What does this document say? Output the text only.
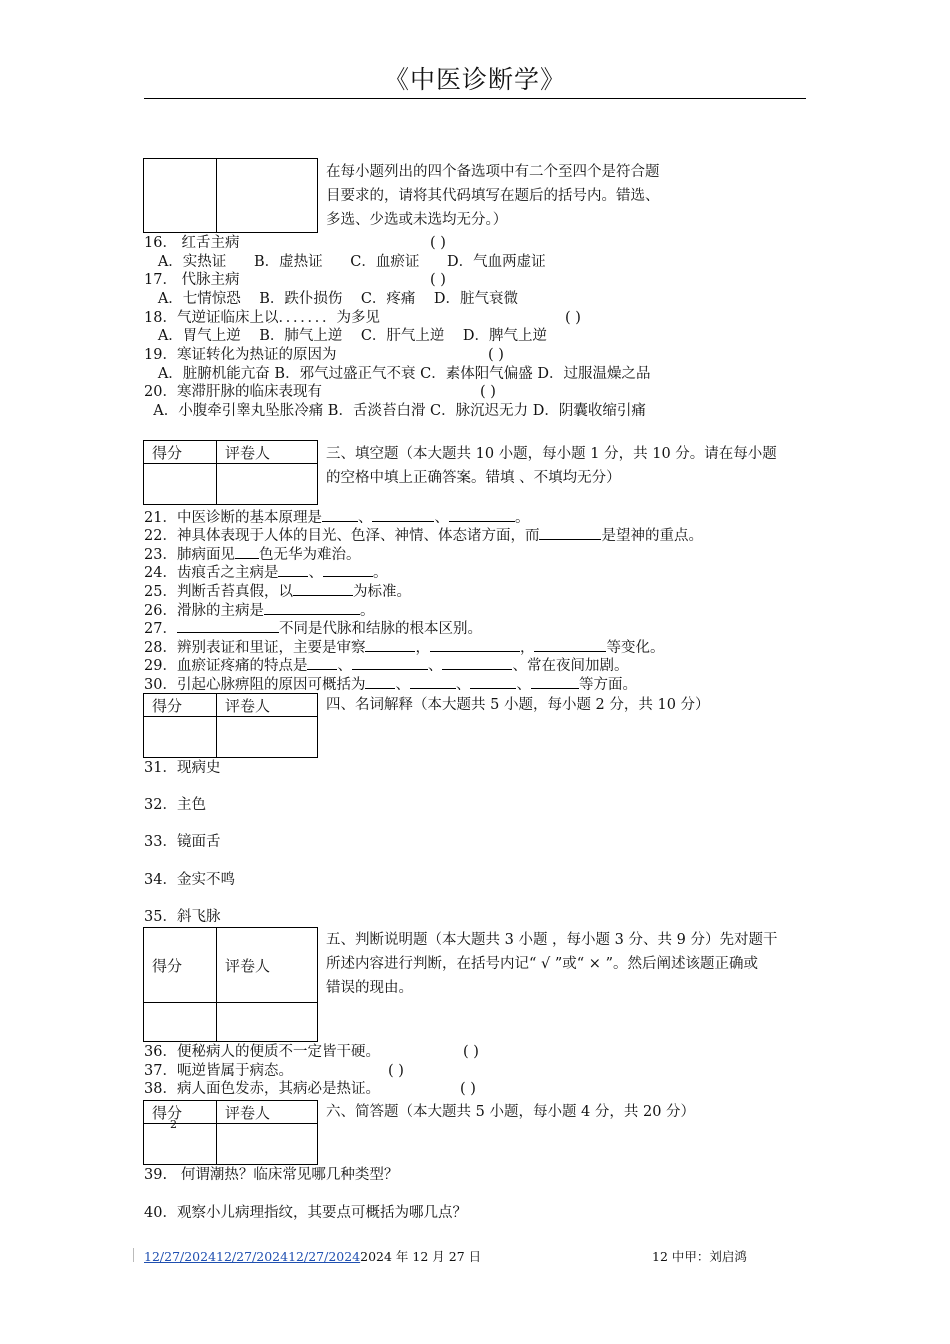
《中医诊断学》

在每小题列出的四个备选项中有二个至四个是符合题
目要求的，请将其代码填写在题后的括号内。错选、
多选、少选或未选均无分。）
16． 红舌主病	( )
A．实热证      B．虚热证      C．血瘀证      D．气血两虚证
17． 代脉主病	( )
A．七情惊恐    B．跌仆损伤    C．疼痛    D．脏气衰微
18．气逆证临床上以．．．．．．．为多见	( )
A．胃气上逆    B．肺气上逆    C．肝气上逆    D．脾气上逆
19．寒证转化为热证的原因为	( )
A．脏腑机能亢奋 B．邪气过盛正气不衰 C．素体阳气偏盛 D．过服温燥之品
20．寒滞肝脉的临床表现有	( )
A．小腹牵引睾丸坠胀冷痛 B．舌淡苔白滑 C．脉沉迟无力 D．阴囊收缩引痛
得分	评卷人
		三、填空题（本大题共 10 小题，每小题 1 分，共 10 分。请在每小题
的空格中填上正确答案。错填 、不填均无分）
21．中医诊断的基本原理是 、	、	。
22．神具体表现于人体的目光、色泽、神情、体态诸方面，而	是望神的重点。
23．肺病面见 色无华为难治。
24．齿痕舌之主病是 、	。
25．判断舌苔真假，以	为标准。
26．滑脉的主病是	。
27．	不同是代脉和结脉的根本区别。
28．辨别表证和里证，主要是审察	，	，	等变化。
29．血瘀证疼痛的特点是 、	、	、常在夜间加剧。
30．引起心脉痹阻的原因可概括为 、	、	、	等方面。
得分	评卷人
		四、名词解释（本大题共 5 小题，每小题 2 分，共 10 分）
31．现病史
32．主色
33．镜面舌
34．金实不鸣
35．斜飞脉
得分	评卷人

五、判断说明题（本大题共 3 小题 ，每小题 3 分、共 9 分）先对题干
所述内容进行判断，在括号内记“ √ ”或“ × ”。然后阐述该题正确或
错误的现由。
36．便秘病人的便质不一定皆干硬。	( )
37．呃逆皆属于病态。	( )
38．病人面色发赤，其病必是热证。	( )
得分	评卷人

2
六、简答题（本大题共 5 小题，每小题 4 分，共 20 分）
39.   何谓潮热？临床常见哪几种类型？
40．观察小儿病理指纹，其要点可概括为哪几点？
12/27/202412/27/202412/27/20242024 年 12 月 27 日	12 中甲：刘启鸿
